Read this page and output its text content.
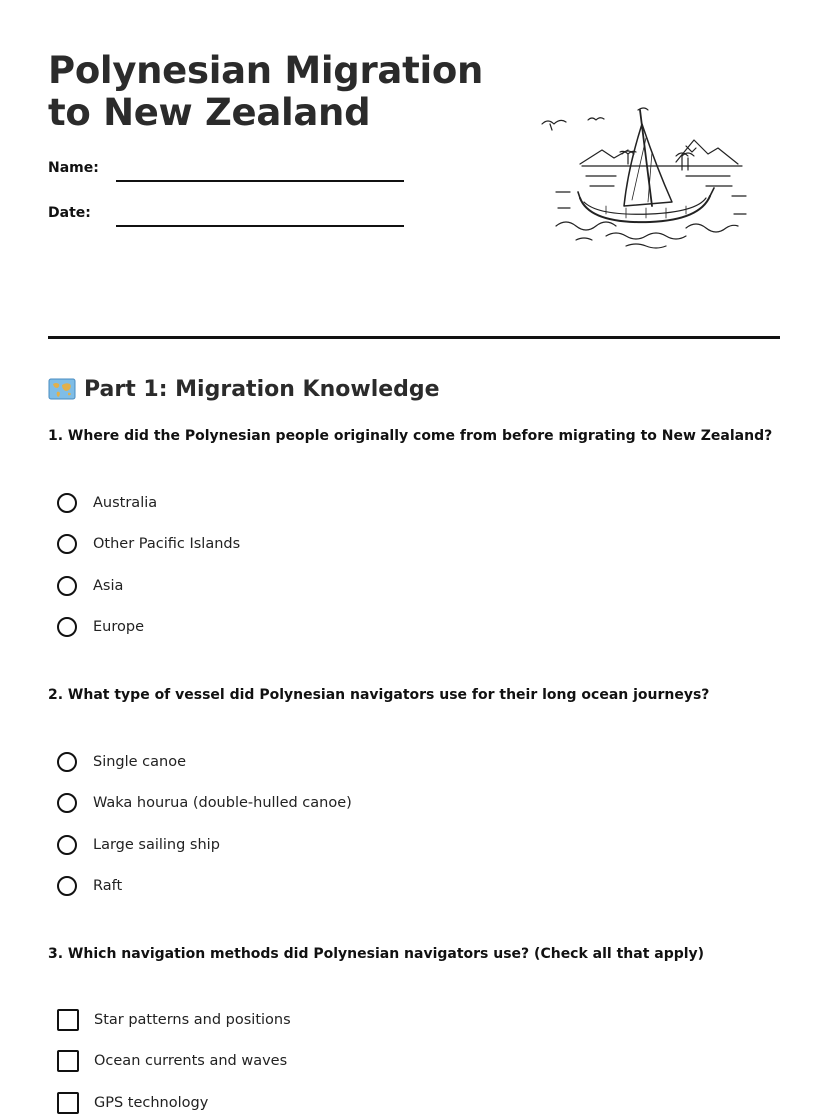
Polynesian Migration to New Zealand
Name:
Date:
Part 1: Migration Knowledge
1. Where did the Polynesian people originally come from before migrating to New Zealand?
Australia
Other Pacific Islands
Asia
Europe
2. What type of vessel did Polynesian navigators use for their long ocean journeys?
Single canoe
Waka hourua (double-hulled canoe)
Large sailing ship
Raft
3. Which navigation methods did Polynesian navigators use? (Check all that apply)
Star patterns and positions
Ocean currents and waves
GPS technology
